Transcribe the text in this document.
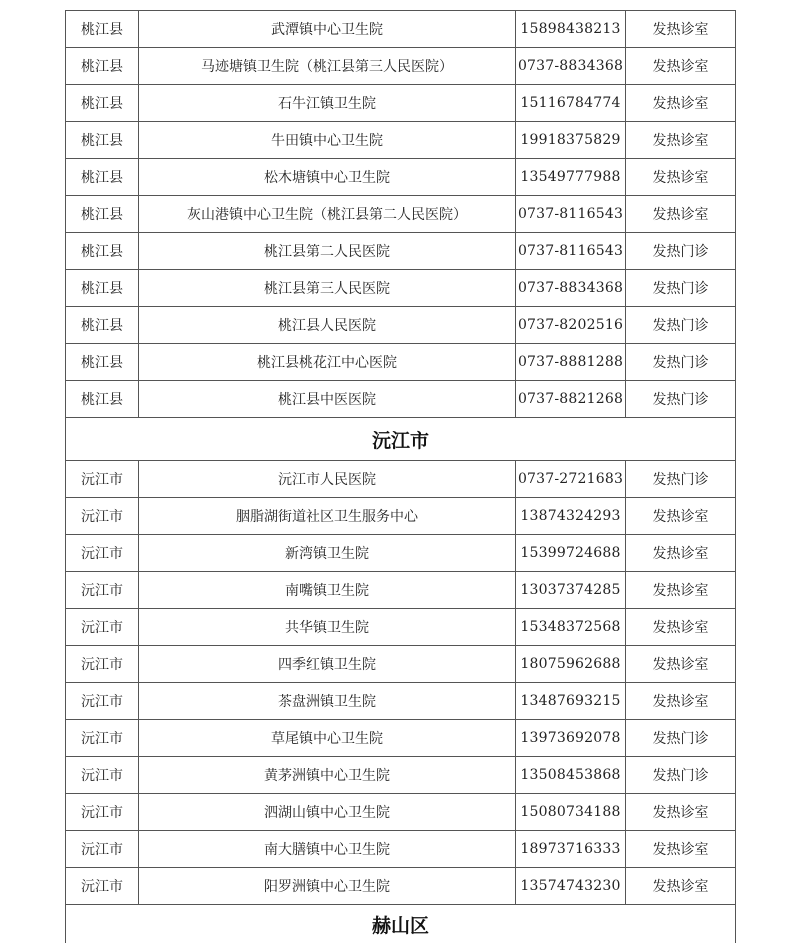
桃江县	武潭镇中心卫生院	15898438213	发热诊室
桃江县	马迹塘镇卫生院（桃江县第三人民医院）	0737-8834368	发热诊室
桃江县	石牛江镇卫生院	15116784774	发热诊室
桃江县	牛田镇中心卫生院	19918375829	发热诊室
桃江县	松木塘镇中心卫生院	13549777988	发热诊室
桃江县	灰山港镇中心卫生院（桃江县第二人民医院）	0737-8116543	发热诊室
桃江县	桃江县第二人民医院	0737-8116543	发热门诊
桃江县	桃江县第三人民医院	0737-8834368	发热门诊
桃江县	桃江县人民医院	0737-8202516	发热门诊
桃江县	桃江县桃花江中心医院	0737-8881288	发热门诊
桃江县	桃江县中医医院	0737-8821268	发热门诊
沅江市			
沅江市	沅江市人民医院	0737-2721683	发热门诊
沅江市	胭脂湖街道社区卫生服务中心	13874324293	发热诊室
沅江市	新湾镇卫生院	15399724688	发热诊室
沅江市	南嘴镇卫生院	13037374285	发热诊室
沅江市	共华镇卫生院	15348372568	发热诊室
沅江市	四季红镇卫生院	18075962688	发热诊室
沅江市	茶盘洲镇卫生院	13487693215	发热诊室
沅江市	草尾镇中心卫生院	13973692078	发热门诊
沅江市	黄茅洲镇中心卫生院	13508453868	发热门诊
沅江市	泗湖山镇中心卫生院	15080734188	发热诊室
沅江市	南大膳镇中心卫生院	18973716333	发热诊室
沅江市	阳罗洲镇中心卫生院	13574743230	发热诊室
赫山区			
